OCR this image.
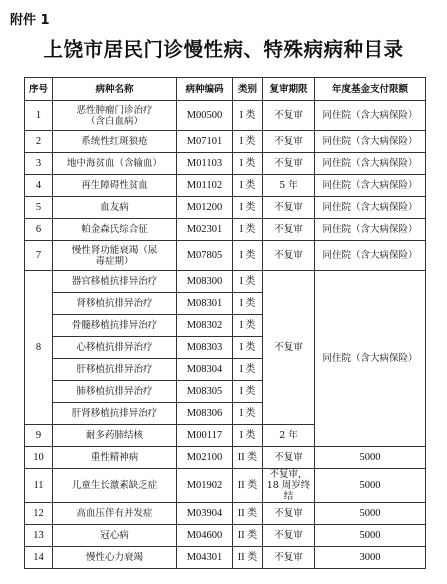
附件 1
上饶市居民门诊慢性病、特殊病病种目录
序号	病种名称	病种编码	类别	复审期限	年度基金支付限额
1	恶性肿瘤门诊治疗（含白血病）	M00500	I 类	不复审	同住院（含大病保险）
2	系统性红斑狼疮	M07101	I 类	不复审	同住院（含大病保险）
3	地中海贫血（含输血）	M01103	I 类	不复审	同住院（含大病保险）
4	再生障碍性贫血	M01102	I 类	5 年	同住院（含大病保险）
5	血友病	M01200	I 类	不复审	同住院（含大病保险）
6	帕金森氏综合征	M02301	I 类	不复审	同住院（含大病保险）
7	慢性肾功能衰竭（尿毒症期）	M07805	I 类	不复审	同住院（含大病保险）
8	器官移植抗排异治疗	M08300	I 类	不复审	同住院（含大病保险）
	肾移植抗排异治疗	M08301	I 类		
	骨髓移植抗排异治疗	M08302	I 类		
	心移植抗排异治疗	M08303	I 类		
	肝移植抗排异治疗	M08304	I 类		
	肺移植抗排异治疗	M08305	I 类		
	肝肾移植抗排异治疗	M08306	I 类		
9	耐多药肺结核	M00117	I 类	2 年	
10	重性精神病	M02100	II 类	不复审	5000
11	儿童生长激素缺乏症	M01902	II 类	不复审，18 周岁终结	5000
12	高血压伴有并发症	M03904	II 类	不复审	5000
13	冠心病	M04600	II 类	不复审	5000
14	慢性心力衰竭	M04301	II 类	不复审	3000
